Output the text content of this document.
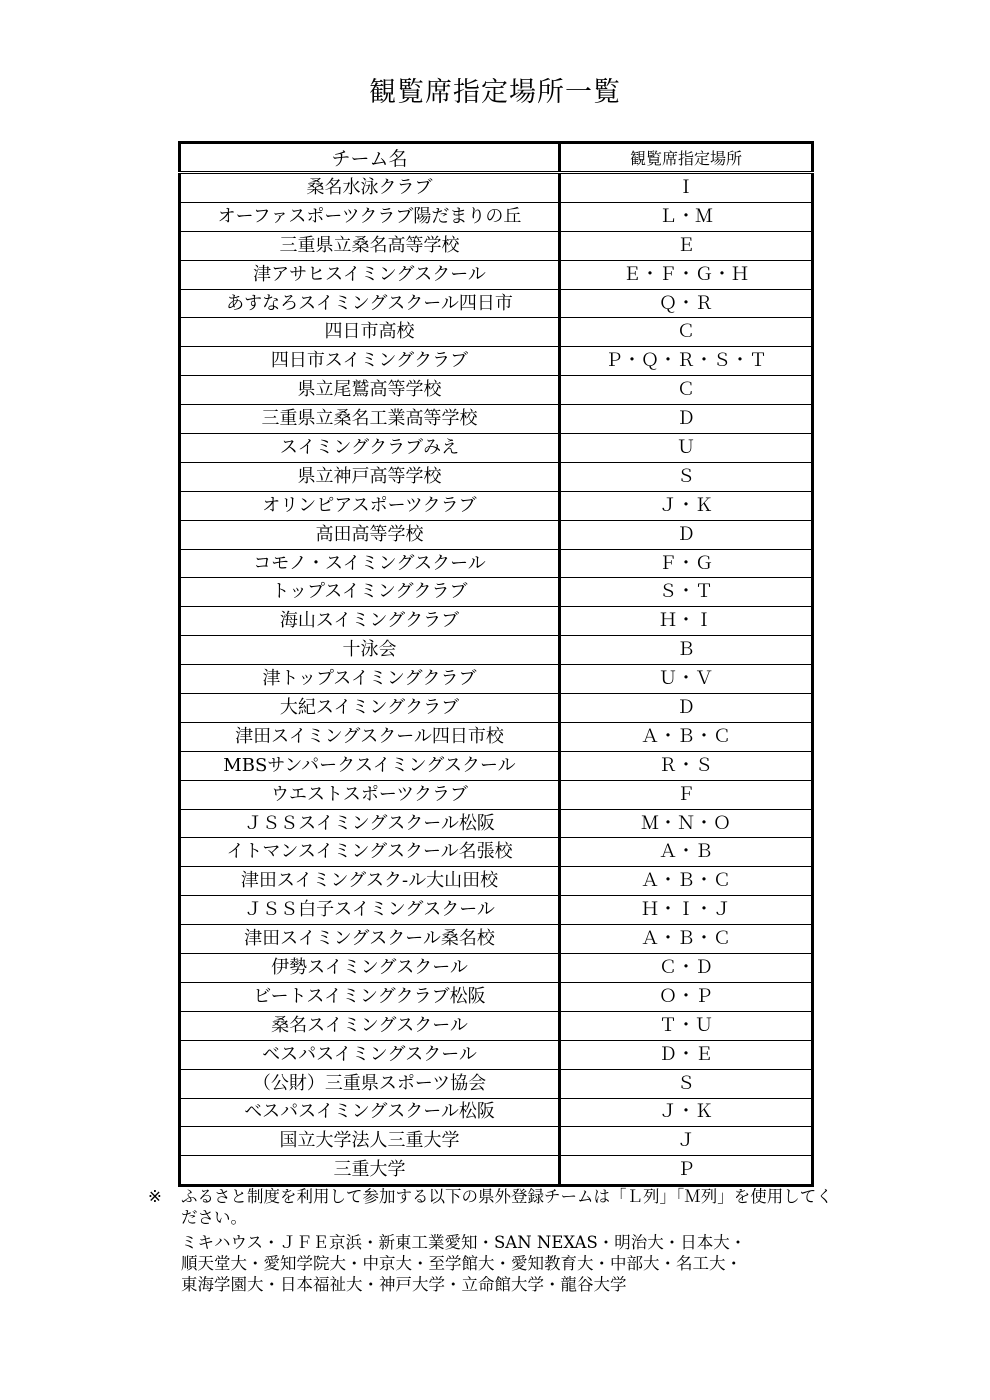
観覧席指定場所一覧
チーム名	観覧席指定場所
桑名水泳クラブ	Ｉ
オーファスポーツクラブ陽だまりの丘	Ｌ・Ｍ
三重県立桑名高等学校	Ｅ
津アサヒスイミングスクール	Ｅ・Ｆ・Ｇ・Ｈ
あすなろスイミングスクール四日市	Ｑ・Ｒ
四日市高校	Ｃ
四日市スイミングクラブ	Ｐ・Ｑ・Ｒ・Ｓ・Ｔ
県立尾鷲高等学校	Ｃ
三重県立桑名工業高等学校	Ｄ
スイミングクラブみえ	Ｕ
県立神戸高等学校	Ｓ
オリンピアスポーツクラブ	Ｊ・Ｋ
高田高等学校	Ｄ
コモノ・スイミングスクール	Ｆ・Ｇ
トップスイミングクラブ	Ｓ・Ｔ
海山スイミングクラブ	Ｈ・Ｉ
十泳会	Ｂ
津トップスイミングクラブ	Ｕ・Ｖ
大紀スイミングクラブ	Ｄ
津田スイミングスクール四日市校	Ａ・Ｂ・Ｃ
MBSサンパークスイミングスクール	Ｒ・Ｓ
ウエストスポーツクラブ	Ｆ
ＪＳＳスイミングスクール松阪	Ｍ・Ｎ・Ｏ
イトマンスイミングスクール名張校	Ａ・Ｂ
津田スイミングスク-ル大山田校	Ａ・Ｂ・Ｃ
ＪＳＳ白子スイミングスクール	Ｈ・Ｉ・Ｊ
津田スイミングスクール桑名校	Ａ・Ｂ・Ｃ
伊勢スイミングスクール	Ｃ・Ｄ
ビートスイミングクラブ松阪	Ｏ・Ｐ
桑名スイミングスクール	Ｔ・Ｕ
ベスパスイミングスクール	Ｄ・Ｅ
（公財）三重県スポーツ協会	Ｓ
ベスパスイミングスクール松阪	Ｊ・Ｋ
国立大学法人三重大学	Ｊ
三重大学	Ｐ
※ ふるさと制度を利用して参加する以下の県外登録チームは「Ｌ列」「Ｍ列」を使用してください。
ミキハウス・ＪＦＥ京浜・新東工業愛知・SAN NEXAS・明治大・日本大・
順天堂大・愛知学院大・中京大・至学館大・愛知教育大・中部大・名工大・
東海学園大・日本福祉大・神戸大学・立命館大学・龍谷大学
